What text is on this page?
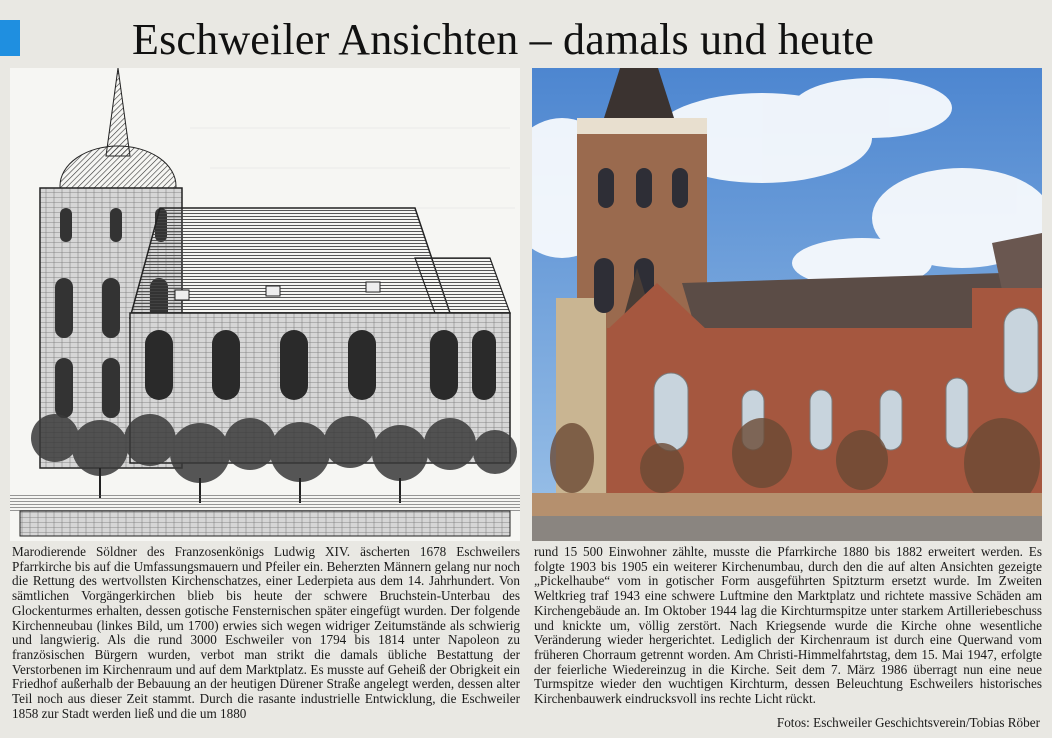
Eschweiler Ansichten – damals und heute

Marodierende Söldner des Franzosenkönigs Ludwig XIV. äscherten 1678 Eschweilers Pfarrkirche bis auf die Umfassungsmauern und Pfeiler ein. Beherzten Männern gelang nur noch die Rettung des wertvollsten Kirchenschatzes, einer Lederpieta aus dem 14. Jahrhundert. Von sämtlichen Vorgängerkirchen blieb bis heute der schwere Bruchstein-Unterbau des Glockenturmes erhalten, dessen gotische Fensternischen später eingefügt wurden. Der folgende Kirchenneubau (linkes Bild, um 1700) erwies sich wegen widriger Zeitumstände als schwierig und langwierig. Als die rund 3000 Eschweiler von 1794 bis 1814 unter Napoleon zu französischen Bürgern wurden, verbot man strikt die damals übliche Bestattung der Verstorbenen im Kirchenraum und auf dem Marktplatz. Es musste auf Geheiß der Obrigkeit ein Friedhof außerhalb der Bebauung an der heutigen Dürener Straße angelegt werden, dessen alter Teil noch aus dieser Zeit stammt. Durch die rasante industrielle Entwicklung, die Eschweiler 1858 zur Stadt werden ließ und die um 1880

rund 15 500 Einwohner zählte, musste die Pfarrkirche 1880 bis 1882 erweitert werden. Es folgte 1903 bis 1905 ein weiterer Kirchenumbau, durch den die auf alten Ansichten gezeigte „Pickelhaube“ vom in gotischer Form ausgeführten Spitzturm ersetzt wurde. Im Zweiten Weltkrieg traf 1943 eine schwere Luftmine den Marktplatz und richtete massive Schäden am Kirchengebäude an. Im Oktober 1944 lag die Kirchturmspitze unter starkem Artilleriebeschuss und knickte um, völlig zerstört. Nach Kriegsende wurde die Kirche ohne wesentliche Veränderung wieder hergerichtet. Lediglich der Kirchenraum ist durch eine Querwand vom früheren Chorraum getrennt worden. Am Christi-Himmelfahrtstag, dem 15. Mai 1947, erfolgte der feierliche Wiedereinzug in die Kirche. Seit dem 7. März 1986 überragt nun eine neue Turmspitze wieder den wuchtigen Kirchturm, dessen Beleuchtung Eschweilers historisches Kirchenbauwerk eindrucksvoll ins rechte Licht rückt.

Fotos: Eschweiler Geschichtsverein/Tobias Röber
